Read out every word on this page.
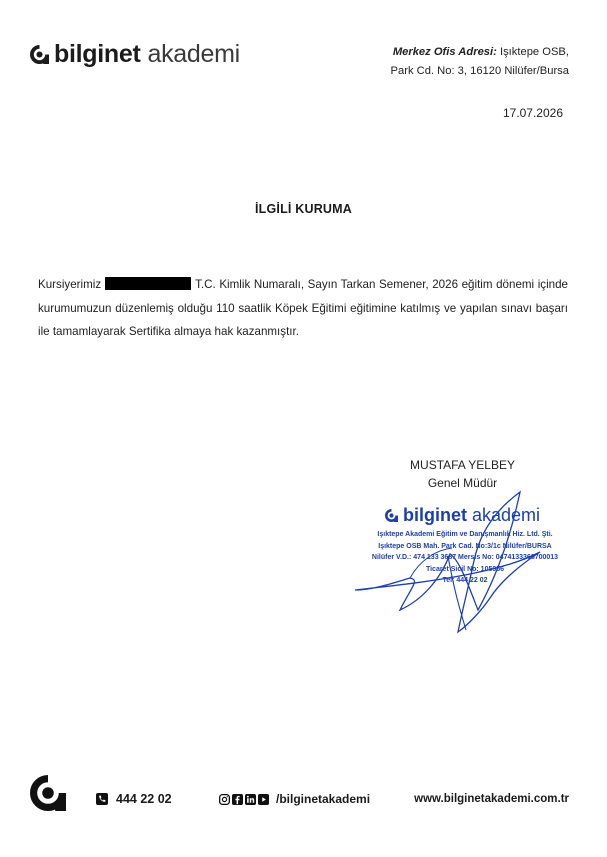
bilginet akademi	Merkez Ofis Adresi: Işıktepe OSB,
Park Cd. No: 3, 16120 Nilüfer/Bursa
17.07.2026
İLGİLİ KURUMA
Kursiyerimiz	T.C. Kimlik Numaralı, Sayın Tarkan Semener, 2026 eğitim dönemi içinde kurumumuzun düzenlemiş olduğu 110 saatlik Köpek Eğitimi eğitimine katılmış ve yapılan sınavı başarı ile tamamlayarak Sertifika almaya hak kazanmıştır.
MUSTAFA YELBEY
Genel Müdür
bilginet akademi
Işıktepe Akademi Eğitim ve Danışmanlık Hiz. Ltd. Şti.
Işıktepe OSB Mah. Park Cad. No:3/1c Nilüfer/BURSA
Nilüfer V.D.: 474 133 3687 Mersis No: 0474133368700013
Ticaret Sicil No: 105956
Tel: 444 22 02
444 22 02	/bilginetakademi	www.bilginetakademi.com.tr
